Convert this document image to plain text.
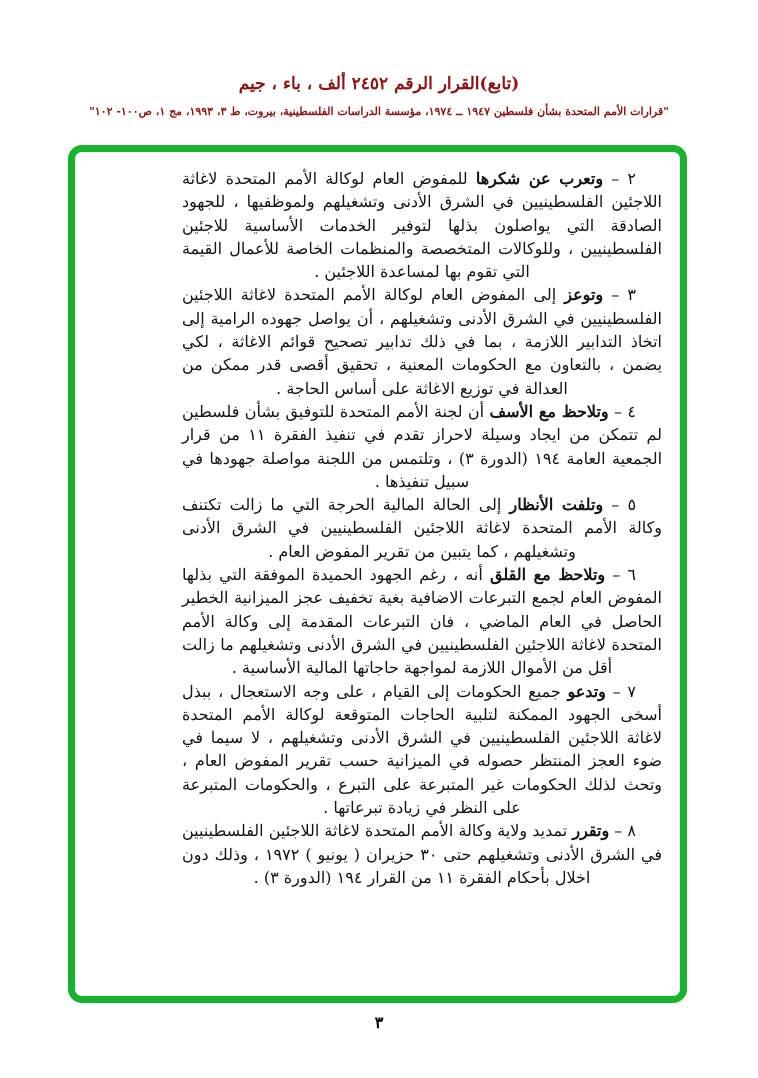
(تابع)القرار الرقم ٢٤٥٢ ألف ، باء ، جيم
"قرارات الأمم المتحدة بشأن فلسطين ١٩٤٧ ــ ١٩٧٤، مؤسسة الدراسات الفلسطينية، بيروت، ط ٣، ١٩٩٣، مج ١، ص١٠٠- ١٠٢"

٢ – وتعرب عن شكرها للمفوض العام لوكالة الأمم المتحدة لاغاثة اللاجئين الفلسطينيين في الشرق الأدنى وتشغيلهم ولموظفيها ، للجهود الصادقة التي يواصلون بذلها لتوفير الخدمات الأساسية للاجئين الفلسطينيين ، وللوكالات المتخصصة والمنظمات الخاصة للأعمال القيمة التي تقوم بها لمساعدة اللاجئين .

٣ – وتوعز إلى المفوض العام لوكالة الأمم المتحدة لاغاثة اللاجئين الفلسطينيين في الشرق الأدنى وتشغيلهم ، أن يواصل جهوده الرامية إلى اتخاذ التدابير اللازمة ، بما في ذلك تدابير تصحيح قوائم الاغاثة ، لكي يضمن ، بالتعاون مع الحكومات المعنية ، تحقيق أقصى قدر ممكن من العدالة في توزيع الاغاثة على أساس الحاجة .

٤ – وتلاحظ مع الأسف أن لجنة الأمم المتحدة للتوفيق بشأن فلسطين لم تتمكن من ايجاد وسيلة لاحراز تقدم في تنفيذ الفقرة ١١ من قرار الجمعية العامة ١٩٤ (الدورة ٣) ، وتلتمس من اللجنة مواصلة جهودها في سبيل تنفيذها .

٥ – وتلفت الأنظار إلى الحالة المالية الحرجة التي ما زالت تكتنف وكالة الأمم المتحدة لاغاثة اللاجئين الفلسطينيين في الشرق الأدنى وتشغيلهم ، كما يتبين من تقرير المفوض العام .

٦ – وتلاحظ مع القلق أنه ، رغم الجهود الحميدة الموفقة التي بذلها المفوض العام لجمع التبرعات الاضافية بغية تخفيف عجز الميزانية الخطير الحاصل في العام الماضي ، فان التبرعات المقدمة إلى وكالة الأمم المتحدة لاغاثة اللاجئين الفلسطينيين في الشرق الأدنى وتشغيلهم ما زالت أقل من الأموال اللازمة لمواجهة حاجاتها المالية الأساسية .

٧ – وتدعو جميع الحكومات إلى القيام ، على وجه الاستعجال ، ببذل أسخى الجهود الممكنة لتلبية الحاجات المتوقعة لوكالة الأمم المتحدة لاغاثة اللاجئين الفلسطينيين في الشرق الأدنى وتشغيلهم ، لا سيما في ضوء العجز المنتظر حصوله في الميزانية حسب تقرير المفوض العام ، وتحث لذلك الحكومات غير المتبرعة على التبرع ، والحكومات المتبرعة على النظر في زيادة تبرعاتها .

٨ – وتقرر تمديد ولاية وكالة الأمم المتحدة لاغاثة اللاجئين الفلسطينيين في الشرق الأدنى وتشغيلهم حتى ٣٠ حزيران ( يونيو ) ١٩٧٢ ، وذلك دون اخلال بأحكام الفقرة ١١ من القرار ١٩٤ (الدورة ٣) .

٣
